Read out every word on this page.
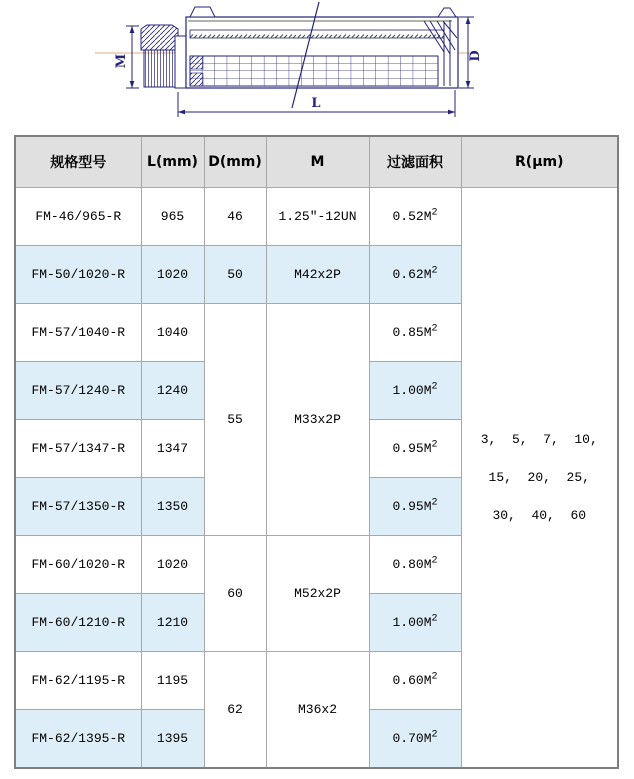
M	D
L
规格型号	L(mm)	D(mm)	M	过滤面积	R(μm)
FM-46/965-R	965	46	1.25"-12UN	$0.52M^2$	3,  5,  7,  10,
15,  20,  25,
30,  40,  60

FM-50/1020-R	1020	50	M42x2P	$0.62M^2$
FM-57/1040-R	1040	55	M33x2P	$0.85M^2$
FM-57/1240-R	1240			$1.00M^2$
FM-57/1347-R	1347			$0.95M^2$
FM-57/1350-R	1350			$0.95M^2$
FM-60/1020-R	1020	60	M52x2P	$0.80M^2$
FM-60/1210-R	1210			$1.00M^2$
FM-62/1195-R	1195	62	M36x2	$0.60M^2$
FM-62/1395-R	1395			$0.70M^2$
